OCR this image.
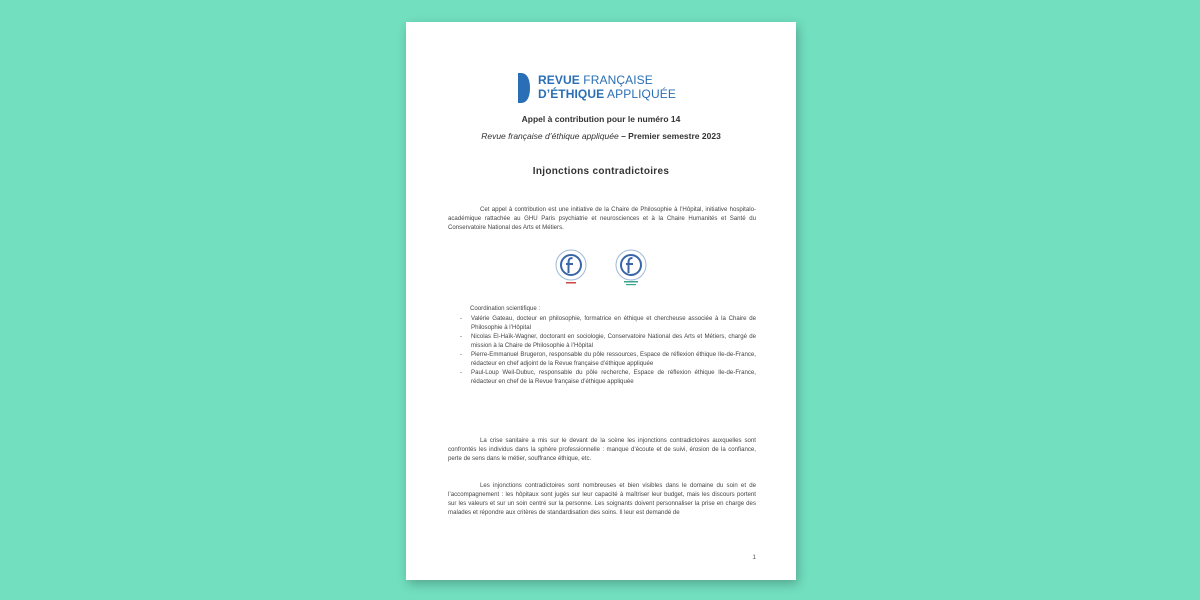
REVUE FRANÇAISE
D’ÉTHIQUE APPLIQUÉE
Appel à contribution pour le numéro 14
Revue française d’éthique appliquée – Premier semestre 2023
Injonctions contradictoires
Cet appel à contribution est une initiative de la Chaire de Philosophie à l’Hôpital, initiative hospitalo-académique rattachée au GHU Paris psychiatrie et neurosciences et à la Chaire Humanités et Santé du Conservatoire National des Arts et Métiers.
Coordination scientifique :
- Valérie Gateau, docteur en philosophie, formatrice en éthique et chercheuse associée à la Chaire de Philosophie à l’Hôpital
- Nicolas El-Haïk-Wagner, doctorant en sociologie, Conservatoire National des Arts et Métiers, chargé de mission à la Chaire de Philosophie à l’Hôpital
- Pierre-Emmanuel Brugeron, responsable du pôle ressources, Espace de réflexion éthique Ile-de-France, rédacteur en chef adjoint de la Revue française d’éthique appliquée
- Paul-Loup Weil-Dubuc, responsable du pôle recherche, Espace de réflexion éthique Ile-de-France, rédacteur en chef de la Revue française d’éthique appliquée
La crise sanitaire a mis sur le devant de la scène les injonctions contradictoires auxquelles sont confrontés les individus dans la sphère professionnelle : manque d’écoute et de suivi, érosion de la confiance, perte de sens dans le métier, souffrance éthique, etc.
Les injonctions contradictoires sont nombreuses et bien visibles dans le domaine du soin et de l’accompagnement : les hôpitaux sont jugés sur leur capacité à maîtriser leur budget, mais les discours portent sur les valeurs et sur un soin centré sur la personne. Les soignants doivent personnaliser la prise en charge des malades et répondre aux critères de standardisation des soins. Il leur est demandé de
1
